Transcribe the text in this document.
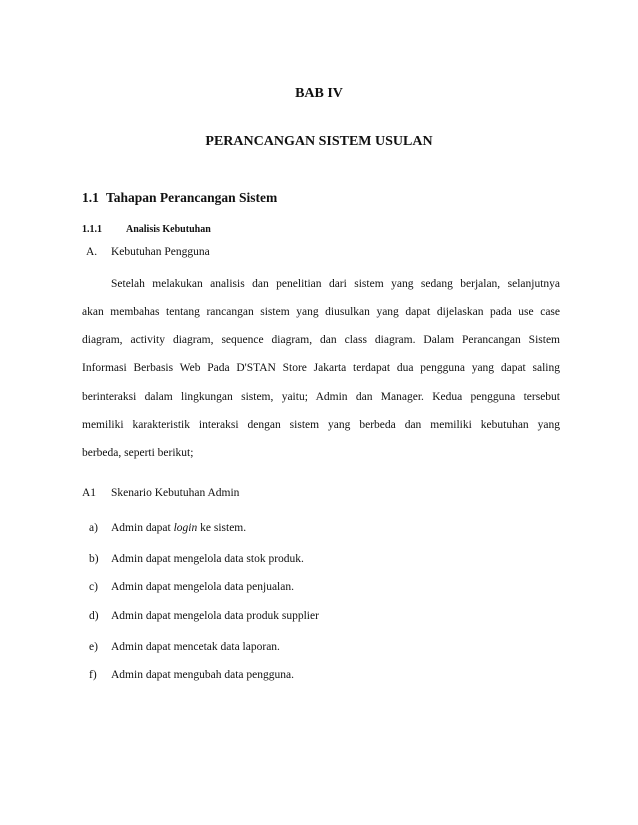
BAB IV
PERANCANGAN SISTEM USULAN
1.1 Tahapan Perancangan Sistem
1.1.1 Analisis Kebutuhan
A. Kebutuhan Pengguna
Setelah melakukan analisis dan penelitian dari sistem yang sedang berjalan, selanjutnya
akan membahas tentang rancangan sistem yang diusulkan yang dapat dijelaskan pada use case
diagram, activity diagram, sequence diagram, dan class diagram. Dalam Perancangan Sistem
Informasi Berbasis Web Pada D'STAN Store Jakarta terdapat dua pengguna yang dapat saling
berinteraksi dalam lingkungan sistem, yaitu; Admin dan Manager. Kedua pengguna tersebut
memiliki karakteristik interaksi dengan sistem yang berbeda dan memiliki kebutuhan yang
berbeda, seperti berikut;
A1 Skenario Kebutuhan Admin
a) Admin dapat login ke sistem.
b) Admin dapat mengelola data stok produk.
c) Admin dapat mengelola data penjualan.
d) Admin dapat mengelola data produk supplier
e) Admin dapat mencetak data laporan.
f) Admin dapat mengubah data pengguna.
